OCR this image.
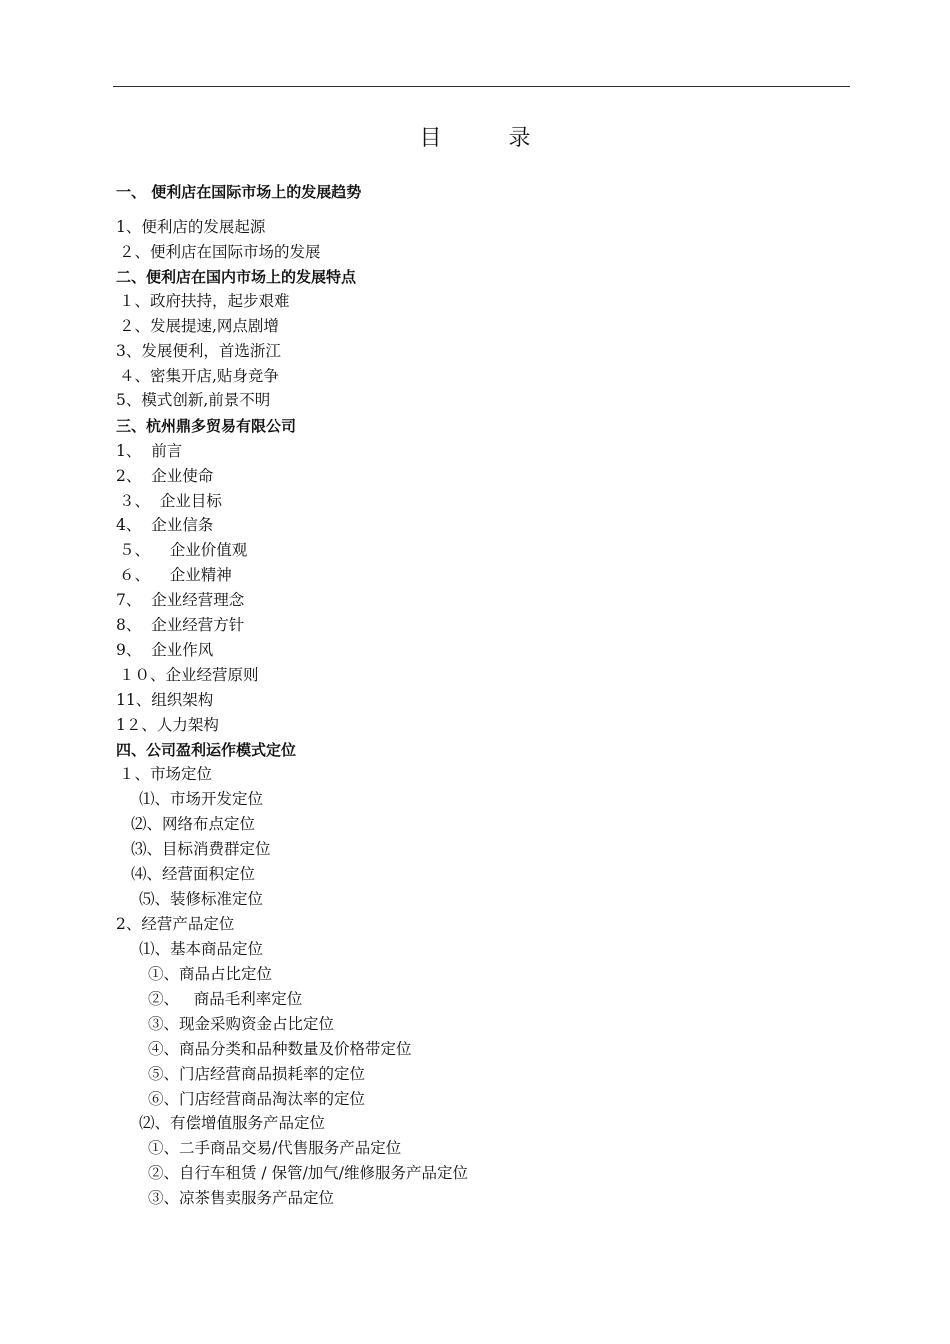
目 录
一、 便利店在国际市场上的发展趋势
1、便利店的发展起源
２、便利店在国际市场的发展
二、便利店在国内市场上的发展特点
１、政府扶持，起步艰难
２、发展提速,网点剧增
3、发展便利，首选浙江
４、密集开店,贴身竞争
5、模式创新,前景不明
三、杭州鼎多贸易有限公司
1、  前言
2、  企业使命
３、  企业目标
4、  企业信条
５、    企业价值观
６、    企业精神
7、  企业经营理念
8、  企业经营方针
9、  企业作风
１０、企业经营原则
11、组织架构
1２、人力架构
四、公司盈利运作模式定位
１、市场定位
⑴、市场开发定位
⑵、网络布点定位
⑶、目标消费群定位
⑷、经营面积定位
⑸、装修标准定位
2、经营产品定位
⑴、基本商品定位
①、商品占比定位
②、   商品毛利率定位
③、现金采购资金占比定位
④、商品分类和品种数量及价格带定位
⑤、门店经营商品损耗率的定位
⑥、门店经营商品淘汰率的定位
⑵、有偿增值服务产品定位
①、二手商品交易/代售服务产品定位
②、自行车租赁 / 保管/加气/维修服务产品定位
③、凉茶售卖服务产品定位
